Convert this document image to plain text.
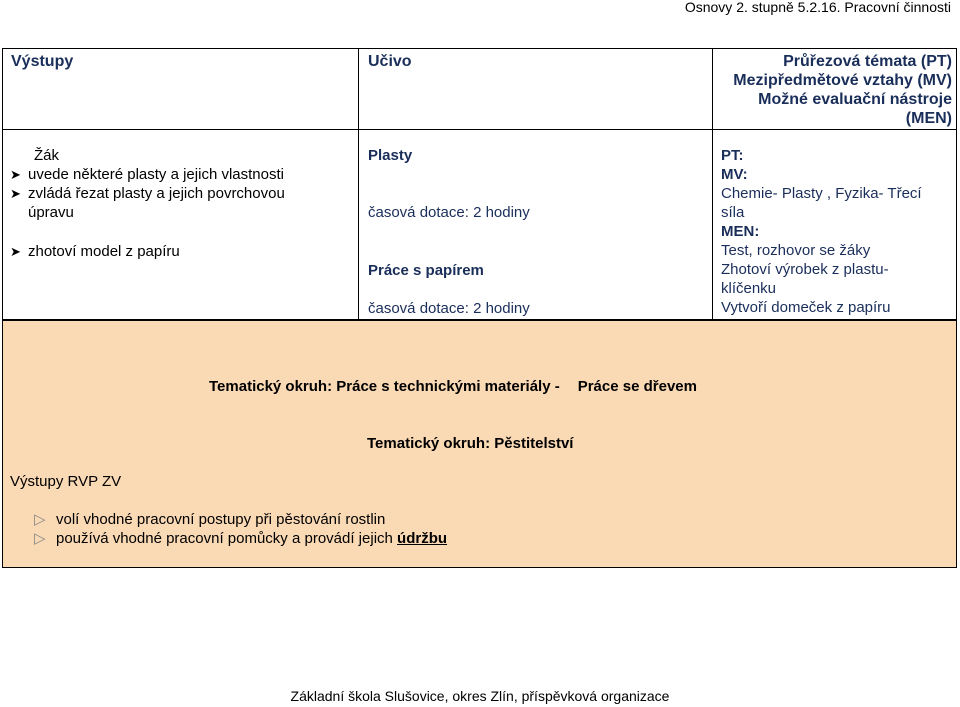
Osnovy 2. stupně 5.2.16. Pracovní činnosti
Výstupy	Učivo	Průřezová témata (PT)
Mezipředmětové vztahy (MV)
Možné evaluační nástroje
(MEN)
Žák
➤ uvede některé plasty a jejich vlastnosti
➤ zvládá řezat plasty a jejich povrchovou
úpravu
➤ zhotoví model z papíru
Plasty
časová dotace: 2 hodiny
Práce s papírem
časová dotace: 2 hodiny
PT:
MV:
Chemie- Plasty , Fyzika- Třecí
síla
MEN:
Test, rozhovor se žáky
Zhotoví výrobek z plastu-
klíčenku
Vytvoří domeček z papíru
Tematický okruh: Práce s technickými materiály - Práce se dřevem
Tematický okruh: Pěstitelství
Výstupy RVP ZV
▷ volí vhodné pracovní postupy při pěstování rostlin
▷ používá vhodné pracovní pomůcky a provádí jejich údržbu
Základní škola Slušovice, okres Zlín, příspěvková organizace
